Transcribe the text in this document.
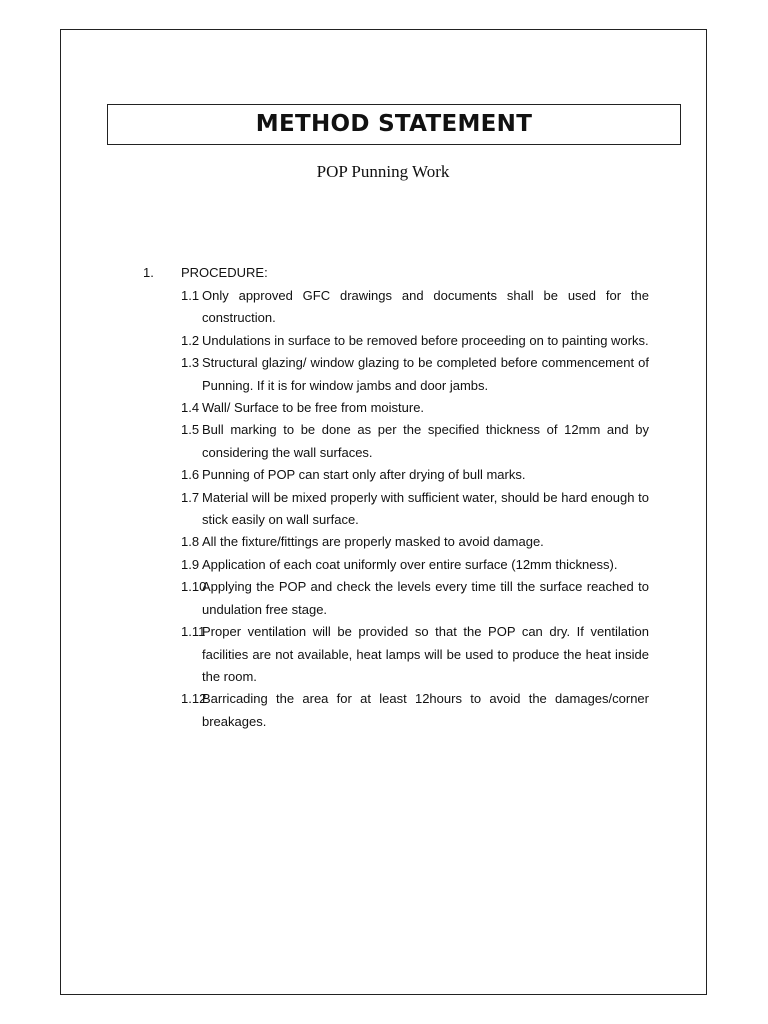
METHOD STATEMENT
POP Punning Work
1. PROCEDURE:
1.1 Only approved GFC drawings and documents shall be used for the construction.
1.2 Undulations in surface to be removed before proceeding on to painting works.
1.3 Structural glazing/ window glazing to be completed before commencement of Punning. If it is for window jambs and door jambs.
1.4 Wall/ Surface to be free from moisture.
1.5 Bull marking to be done as per the specified thickness of 12mm and by considering the wall surfaces.
1.6 Punning of POP can start only after drying of bull marks.
1.7 Material will be mixed properly with sufficient water, should be hard enough to stick easily on wall surface.
1.8 All the fixture/fittings are properly masked to avoid damage.
1.9 Application of each coat uniformly over entire surface (12mm thickness).
1.10
Applying the POP and check the levels every time till the surface reached to undulation free stage.
1.11
Proper ventilation will be provided so that the POP can dry. If ventilation facilities are not available, heat lamps will be used to produce the heat inside the room.
1.12
Barricading the area for at least 12hours to avoid the damages/corner breakages.
